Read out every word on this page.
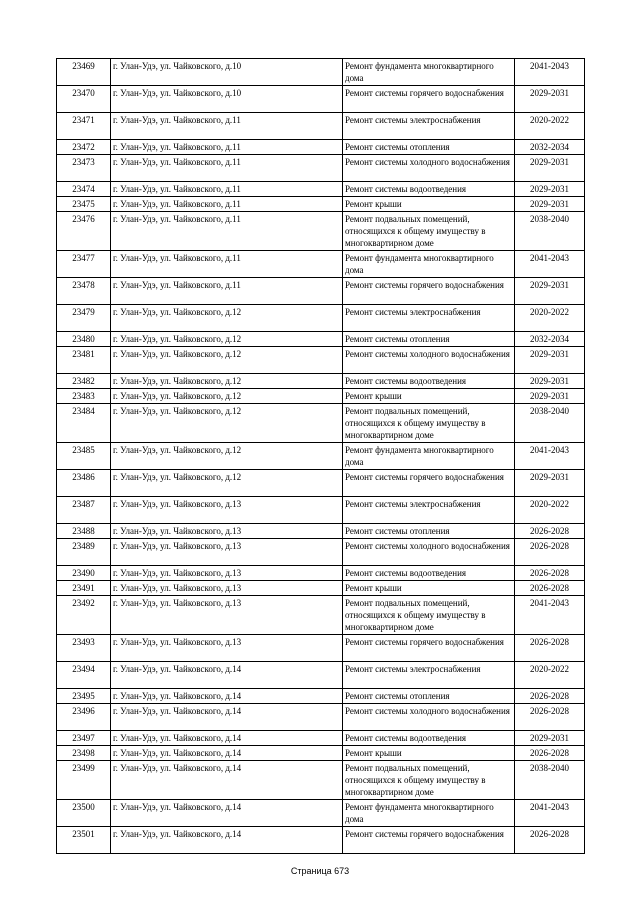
23469	г. Улан-Удэ, ул. Чайковского, д.10	Ремонт фундамента многоквартирного дома	2041-2043
23470	г. Улан-Удэ, ул. Чайковского, д.10	Ремонт системы горячего водоснабжения	2029-2031
23471	г. Улан-Удэ, ул. Чайковского, д.11	Ремонт системы электроснабжения	2020-2022
23472	г. Улан-Удэ, ул. Чайковского, д.11	Ремонт системы отопления	2032-2034
23473	г. Улан-Удэ, ул. Чайковского, д.11	Ремонт системы холодного водоснабжения	2029-2031
23474	г. Улан-Удэ, ул. Чайковского, д.11	Ремонт системы водоотведения	2029-2031
23475	г. Улан-Удэ, ул. Чайковского, д.11	Ремонт крыши	2029-2031
23476	г. Улан-Удэ, ул. Чайковского, д.11	Ремонт подвальных помещений, относящихся к общему имуществу в многоквартирном доме	2038-2040
23477	г. Улан-Удэ, ул. Чайковского, д.11	Ремонт фундамента многоквартирного дома	2041-2043
23478	г. Улан-Удэ, ул. Чайковского, д.11	Ремонт системы горячего водоснабжения	2029-2031
23479	г. Улан-Удэ, ул. Чайковского, д.12	Ремонт системы электроснабжения	2020-2022
23480	г. Улан-Удэ, ул. Чайковского, д.12	Ремонт системы отопления	2032-2034
23481	г. Улан-Удэ, ул. Чайковского, д.12	Ремонт системы холодного водоснабжения	2029-2031
23482	г. Улан-Удэ, ул. Чайковского, д.12	Ремонт системы водоотведения	2029-2031
23483	г. Улан-Удэ, ул. Чайковского, д.12	Ремонт крыши	2029-2031
23484	г. Улан-Удэ, ул. Чайковского, д.12	Ремонт подвальных помещений, относящихся к общему имуществу в многоквартирном доме	2038-2040
23485	г. Улан-Удэ, ул. Чайковского, д.12	Ремонт фундамента многоквартирного дома	2041-2043
23486	г. Улан-Удэ, ул. Чайковского, д.12	Ремонт системы горячего водоснабжения	2029-2031
23487	г. Улан-Удэ, ул. Чайковского, д.13	Ремонт системы электроснабжения	2020-2022
23488	г. Улан-Удэ, ул. Чайковского, д.13	Ремонт системы отопления	2026-2028
23489	г. Улан-Удэ, ул. Чайковского, д.13	Ремонт системы холодного водоснабжения	2026-2028
23490	г. Улан-Удэ, ул. Чайковского, д.13	Ремонт системы водоотведения	2026-2028
23491	г. Улан-Удэ, ул. Чайковского, д.13	Ремонт крыши	2026-2028
23492	г. Улан-Удэ, ул. Чайковского, д.13	Ремонт подвальных помещений, относящихся к общему имуществу в многоквартирном доме	2041-2043
23493	г. Улан-Удэ, ул. Чайковского, д.13	Ремонт системы горячего водоснабжения	2026-2028
23494	г. Улан-Удэ, ул. Чайковского, д.14	Ремонт системы электроснабжения	2020-2022
23495	г. Улан-Удэ, ул. Чайковского, д.14	Ремонт системы отопления	2026-2028
23496	г. Улан-Удэ, ул. Чайковского, д.14	Ремонт системы холодного водоснабжения	2026-2028
23497	г. Улан-Удэ, ул. Чайковского, д.14	Ремонт системы водоотведения	2029-2031
23498	г. Улан-Удэ, ул. Чайковского, д.14	Ремонт крыши	2026-2028
23499	г. Улан-Удэ, ул. Чайковского, д.14	Ремонт подвальных помещений, относящихся к общему имуществу в многоквартирном доме	2038-2040
23500	г. Улан-Удэ, ул. Чайковского, д.14	Ремонт фундамента многоквартирного дома	2041-2043
23501	г. Улан-Удэ, ул. Чайковского, д.14	Ремонт системы горячего водоснабжения	2026-2028
Страница 673
